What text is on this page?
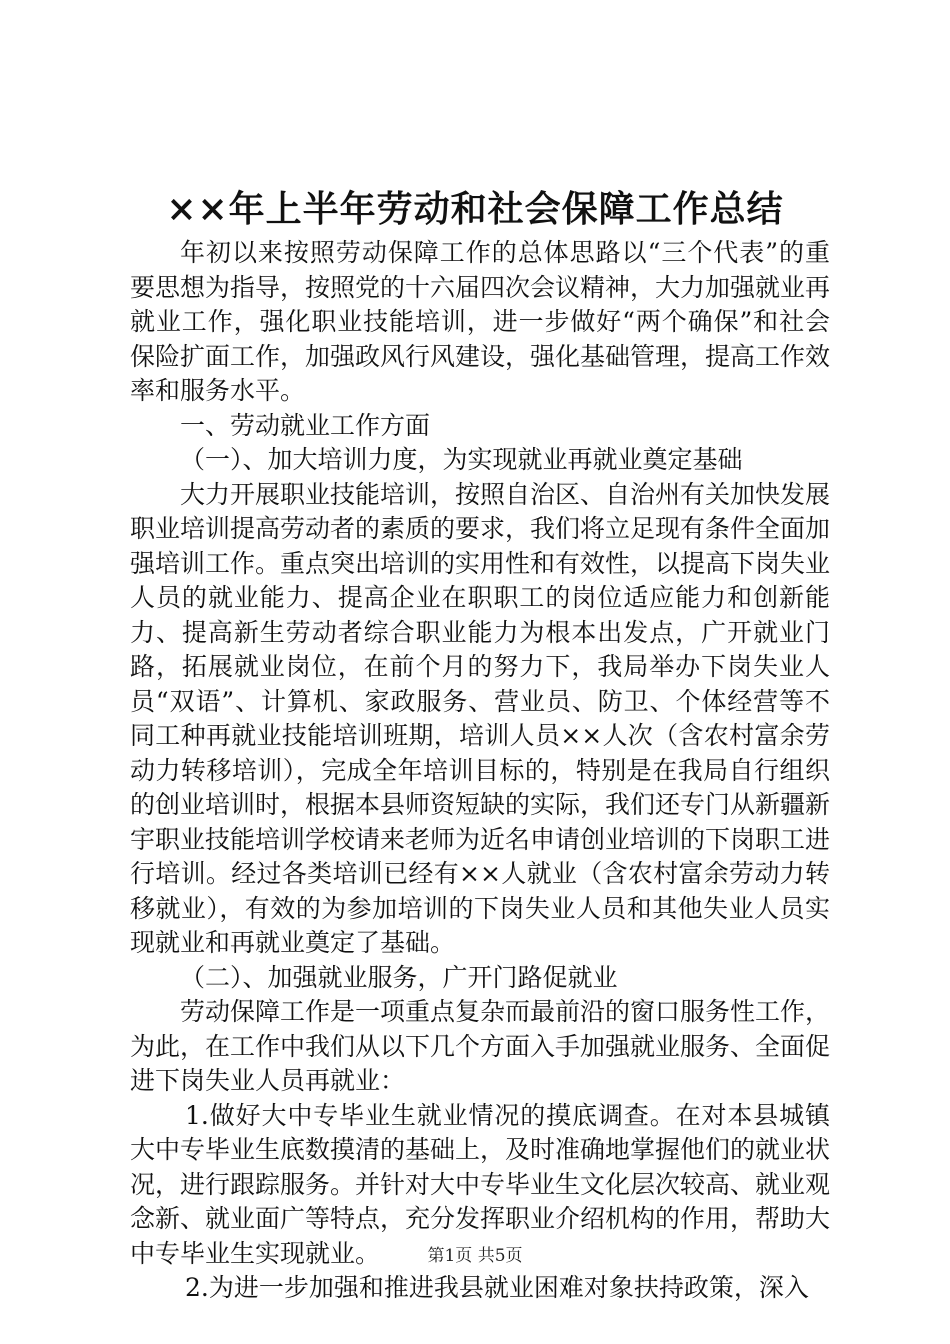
××年上半年劳动和社会保障工作总结

年初以来按照劳动保障工作的总体思路以“三个代表”的重要思想为指导，按照党的十六届四次会议精神，大力加强就业再就业工作，强化职业技能培训，进一步做好“两个确保”和社会保险扩面工作，加强政风行风建设，强化基础管理，提高工作效率和服务水平。

一、劳动就业工作方面

（一）、加大培训力度，为实现就业再就业奠定基础

大力开展职业技能培训，按照自治区、自治州有关加快发展职业培训提高劳动者的素质的要求，我们将立足现有条件全面加强培训工作。重点突出培训的实用性和有效性，以提高下岗失业人员的就业能力、提高企业在职职工的岗位适应能力和创新能力、提高新生劳动者综合职业能力为根本出发点，广开就业门路，拓展就业岗位，在前个月的努力下，我局举办下岗失业人员“双语”、计算机、家政服务、营业员、防卫、个体经营等不同工种再就业技能培训班期，培训人员××人次（含农村富余劳动力转移培训），完成全年培训目标的，特别是在我局自行组织的创业培训时，根据本县师资短缺的实际，我们还专门从新疆新宇职业技能培训学校请来老师为近名申请创业培训的下岗职工进行培训。经过各类培训已经有××人就业（含农村富余劳动力转移就业），有效的为参加培训的下岗失业人员和其他失业人员实现就业和再就业奠定了基础。

（二）、加强就业服务，广开门路促就业

劳动保障工作是一项重点复杂而最前沿的窗口服务性工作，为此，在工作中我们从以下几个方面入手加强就业服务、全面促进下岗失业人员再就业：

1.做好大中专毕业生就业情况的摸底调查。在对本县城镇大中专毕业生底数摸清的基础上，及时准确地掌握他们的就业状况，进行跟踪服务。并针对大中专毕业生文化层次较高、就业观念新、就业面广等特点，充分发挥职业介绍机构的作用，帮助大中专毕业生实现就业。

2.为进一步加强和推进我县就业困难对象扶持政策，深入

第1页 共5页
